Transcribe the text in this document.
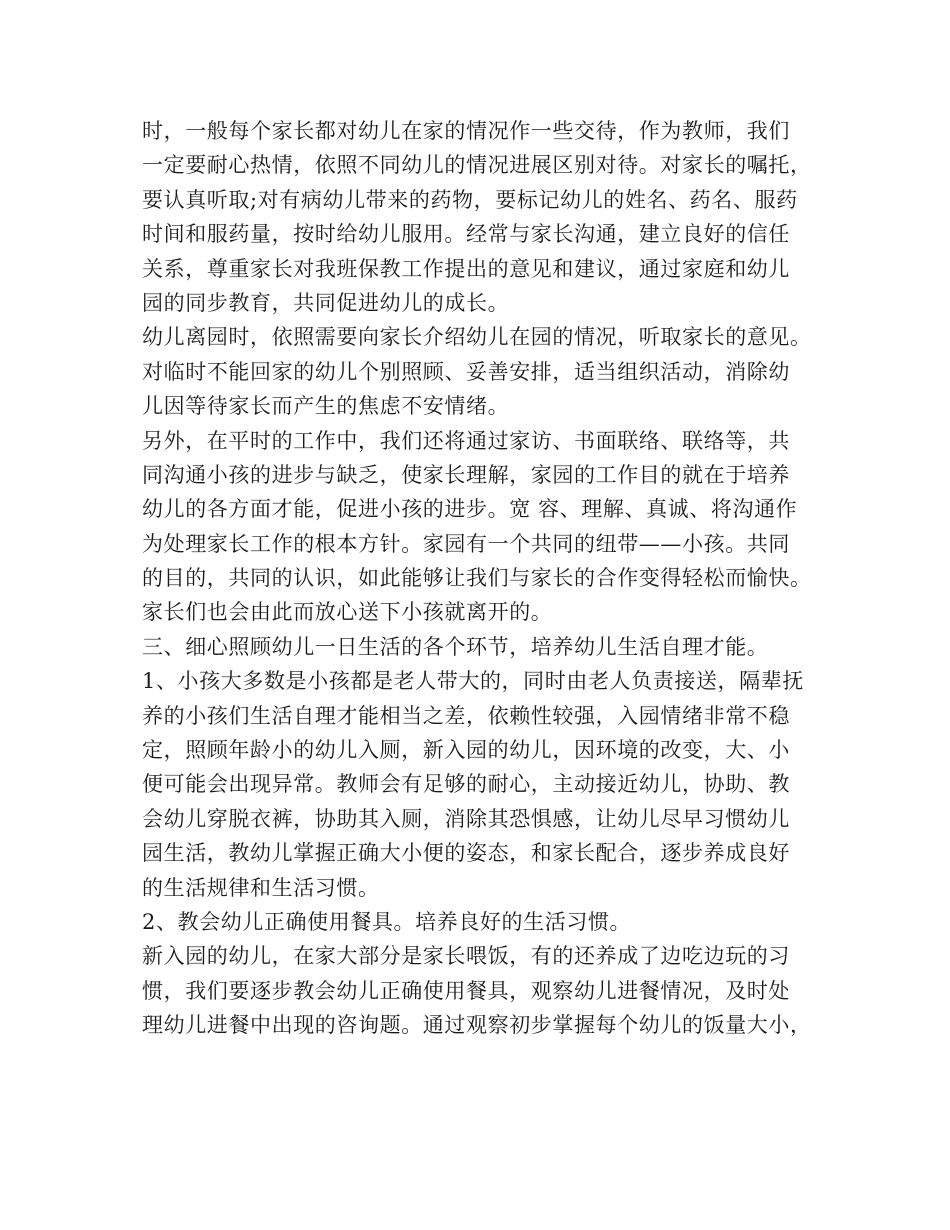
时，一般每个家长都对幼儿在家的情况作一些交待，作为教师，我们
一定要耐心热情，依照不同幼儿的情况进展区别对待。对家长的嘱托，
要认真听取;对有病幼儿带来的药物，要标记幼儿的姓名、药名、服药
时间和服药量，按时给幼儿服用。经常与家长沟通，建立良好的信任
关系，尊重家长对我班保教工作提出的意见和建议，通过家庭和幼儿
园的同步教育，共同促进幼儿的成长。
幼儿离园时，依照需要向家长介绍幼儿在园的情况，听取家长的意见。
对临时不能回家的幼儿个别照顾、妥善安排，适当组织活动，消除幼
儿因等待家长而产生的焦虑不安情绪。
另外，在平时的工作中，我们还将通过家访、书面联络、联络等，共
同沟通小孩的进步与缺乏，使家长理解，家园的工作目的就在于培养
幼儿的各方面才能，促进小孩的进步。宽 容、理解、真诚、将沟通作
为处理家长工作的根本方针。家园有一个共同的纽带——小孩。共同
的目的，共同的认识，如此能够让我们与家长的合作变得轻松而愉快。
家长们也会由此而放心送下小孩就离开的。
三、细心照顾幼儿一日生活的各个环节，培养幼儿生活自理才能。
1、小孩大多数是小孩都是老人带大的，同时由老人负责接送，隔辈抚
养的小孩们生活自理才能相当之差，依赖性较强，入园情绪非常不稳
定，照顾年龄小的幼儿入厕，新入园的幼儿，因环境的改变，大、小
便可能会出现异常。教师会有足够的耐心，主动接近幼儿，协助、教
会幼儿穿脱衣裤，协助其入厕，消除其恐惧感，让幼儿尽早习惯幼儿
园生活，教幼儿掌握正确大小便的姿态，和家长配合，逐步养成良好
的生活规律和生活习惯。
2、教会幼儿正确使用餐具。培养良好的生活习惯。
新入园的幼儿，在家大部分是家长喂饭，有的还养成了边吃边玩的习
惯，我们要逐步教会幼儿正确使用餐具，观察幼儿进餐情况，及时处
理幼儿进餐中出现的咨询题。通过观察初步掌握每个幼儿的饭量大小，
